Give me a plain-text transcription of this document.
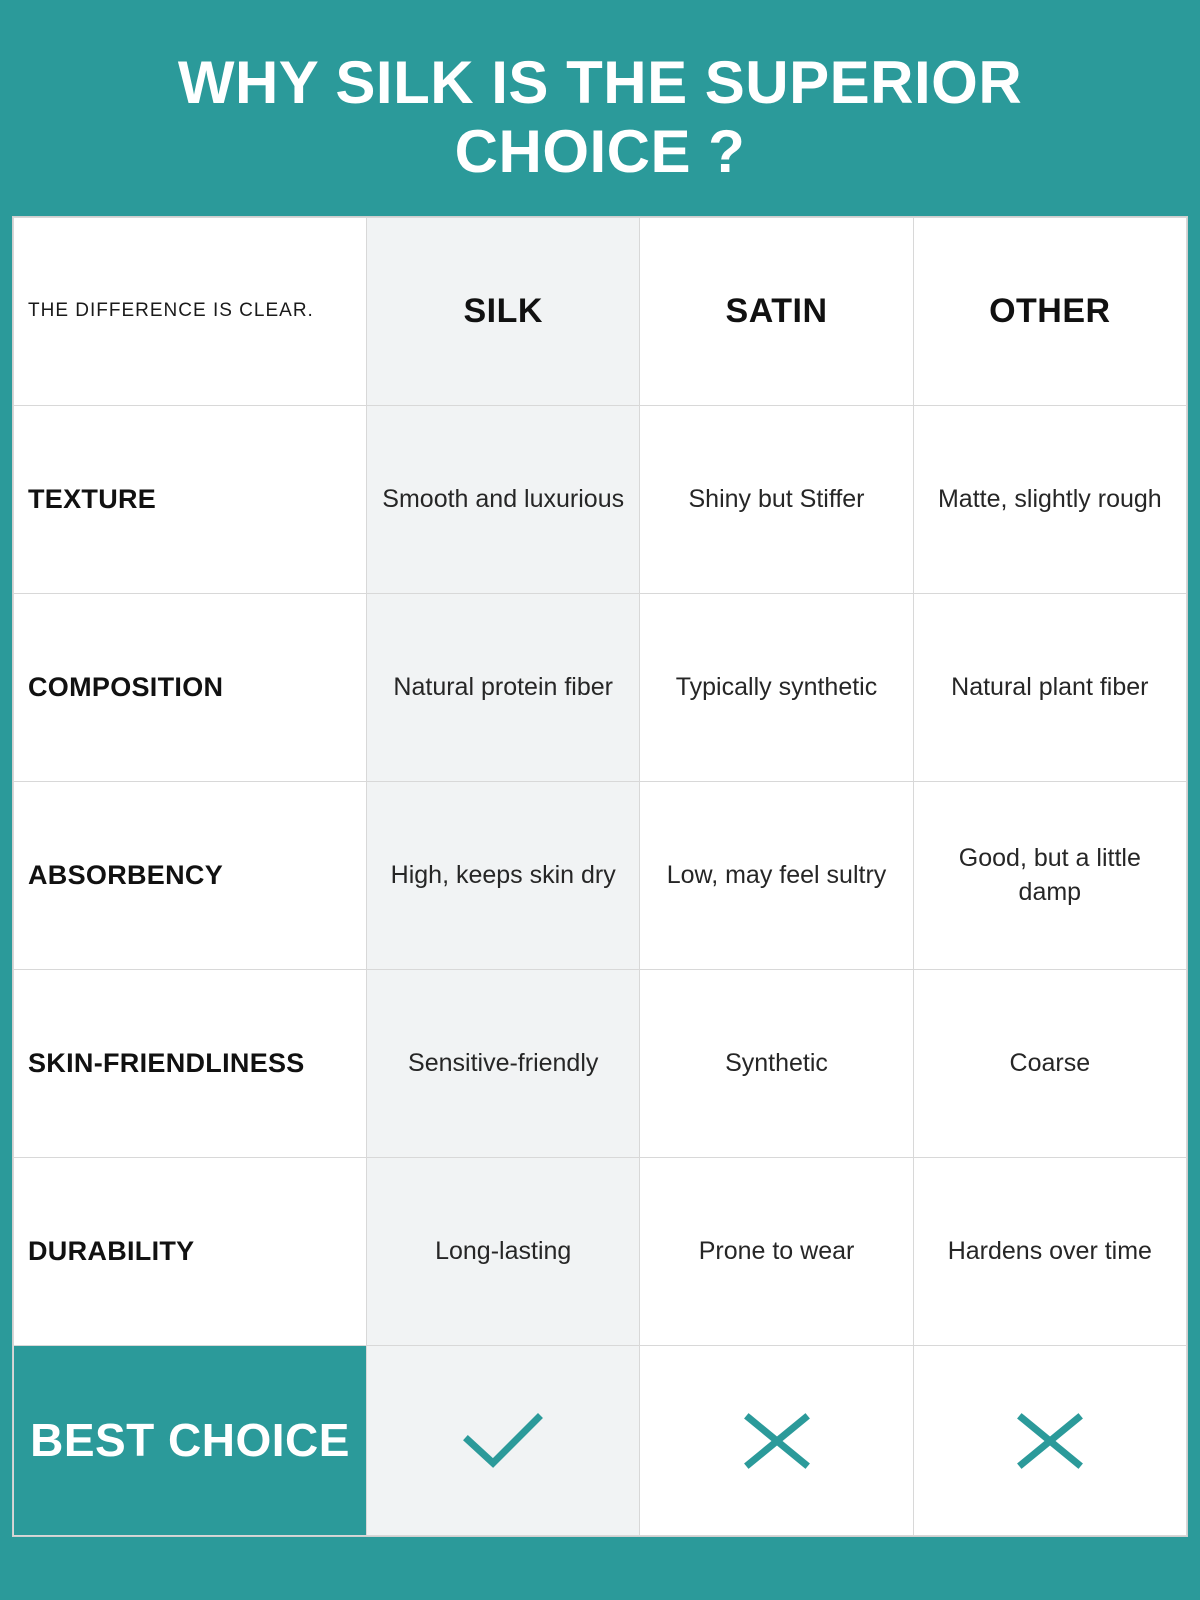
WHY SILK IS THE SUPERIOR CHOICE ?
THE DIFFERENCE IS CLEAR.	SILK	SATIN	OTHER
TEXTURE	Smooth and luxurious	Shiny but Stiffer	Matte, slightly rough
COMPOSITION	Natural protein fiber	Typically synthetic	Natural plant fiber
ABSORBENCY	High, keeps skin dry	Low, may feel sultry	Good, but a little damp
SKIN-FRIENDLINESS	Sensitive-friendly	Synthetic	Coarse
DURABILITY	Long-lasting	Prone to wear	Hardens over time
BEST CHOICE	
